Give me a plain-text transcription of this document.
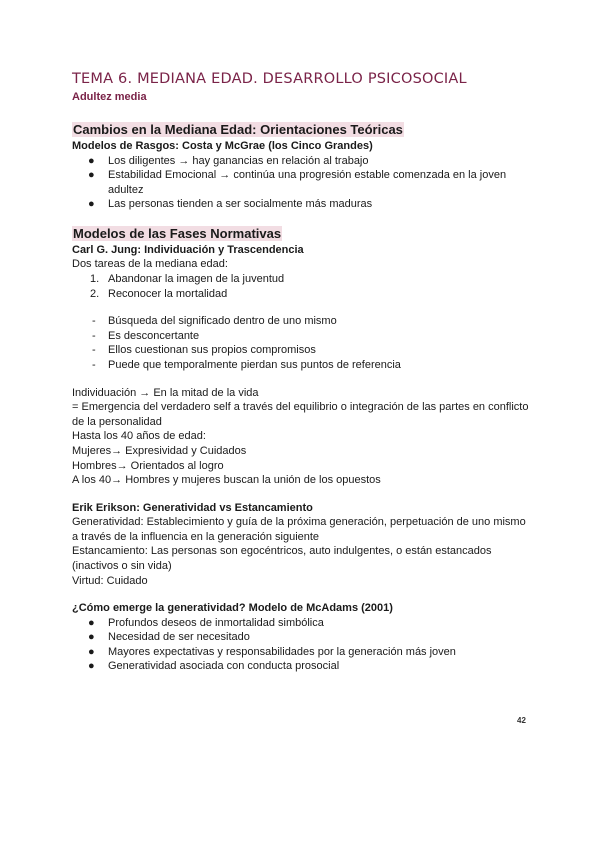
TEMA 6. MEDIANA EDAD. DESARROLLO PSICOSOCIAL
Adultez media
Cambios en la Mediana Edad: Orientaciones Teóricas
Modelos de Rasgos: Costa y McGrae (los Cinco Grandes)
● Los diligentes → hay ganancias en relación al trabajo
● Estabilidad Emocional → continúa una progresión estable comenzada en la joven adultez
● Las personas tienden a ser socialmente más maduras
Modelos de las Fases Normativas
Carl G. Jung: Individuación y Trascendencia
Dos tareas de la mediana edad:
1. Abandonar la imagen de la juventud
2. Reconocer la mortalidad
- Búsqueda del significado dentro de uno mismo
- Es desconcertante
- Ellos cuestionan sus propios compromisos
- Puede que temporalmente pierdan sus puntos de referencia
Individuación → En la mitad de la vida
= Emergencia del verdadero self a través del equilibrio o integración de las partes en conflicto de la personalidad
Hasta los 40 años de edad:
Mujeres→ Expresividad y Cuidados
Hombres→ Orientados al logro
A los 40→ Hombres y mujeres buscan la unión de los opuestos
Erik Erikson: Generatividad vs Estancamiento
Generatividad: Establecimiento y guía de la próxima generación, perpetuación de uno mismo a través de la influencia en la generación siguiente
Estancamiento: Las personas son egocéntricos, auto indulgentes, o están estancados (inactivos o sin vida)
Virtud: Cuidado
¿Cómo emerge la generatividad? Modelo de McAdams (2001)
● Profundos deseos de inmortalidad simbólica
● Necesidad de ser necesitado
● Mayores expectativas y responsabilidades por la generación más joven
● Generatividad asociada con conducta prosocial
42
